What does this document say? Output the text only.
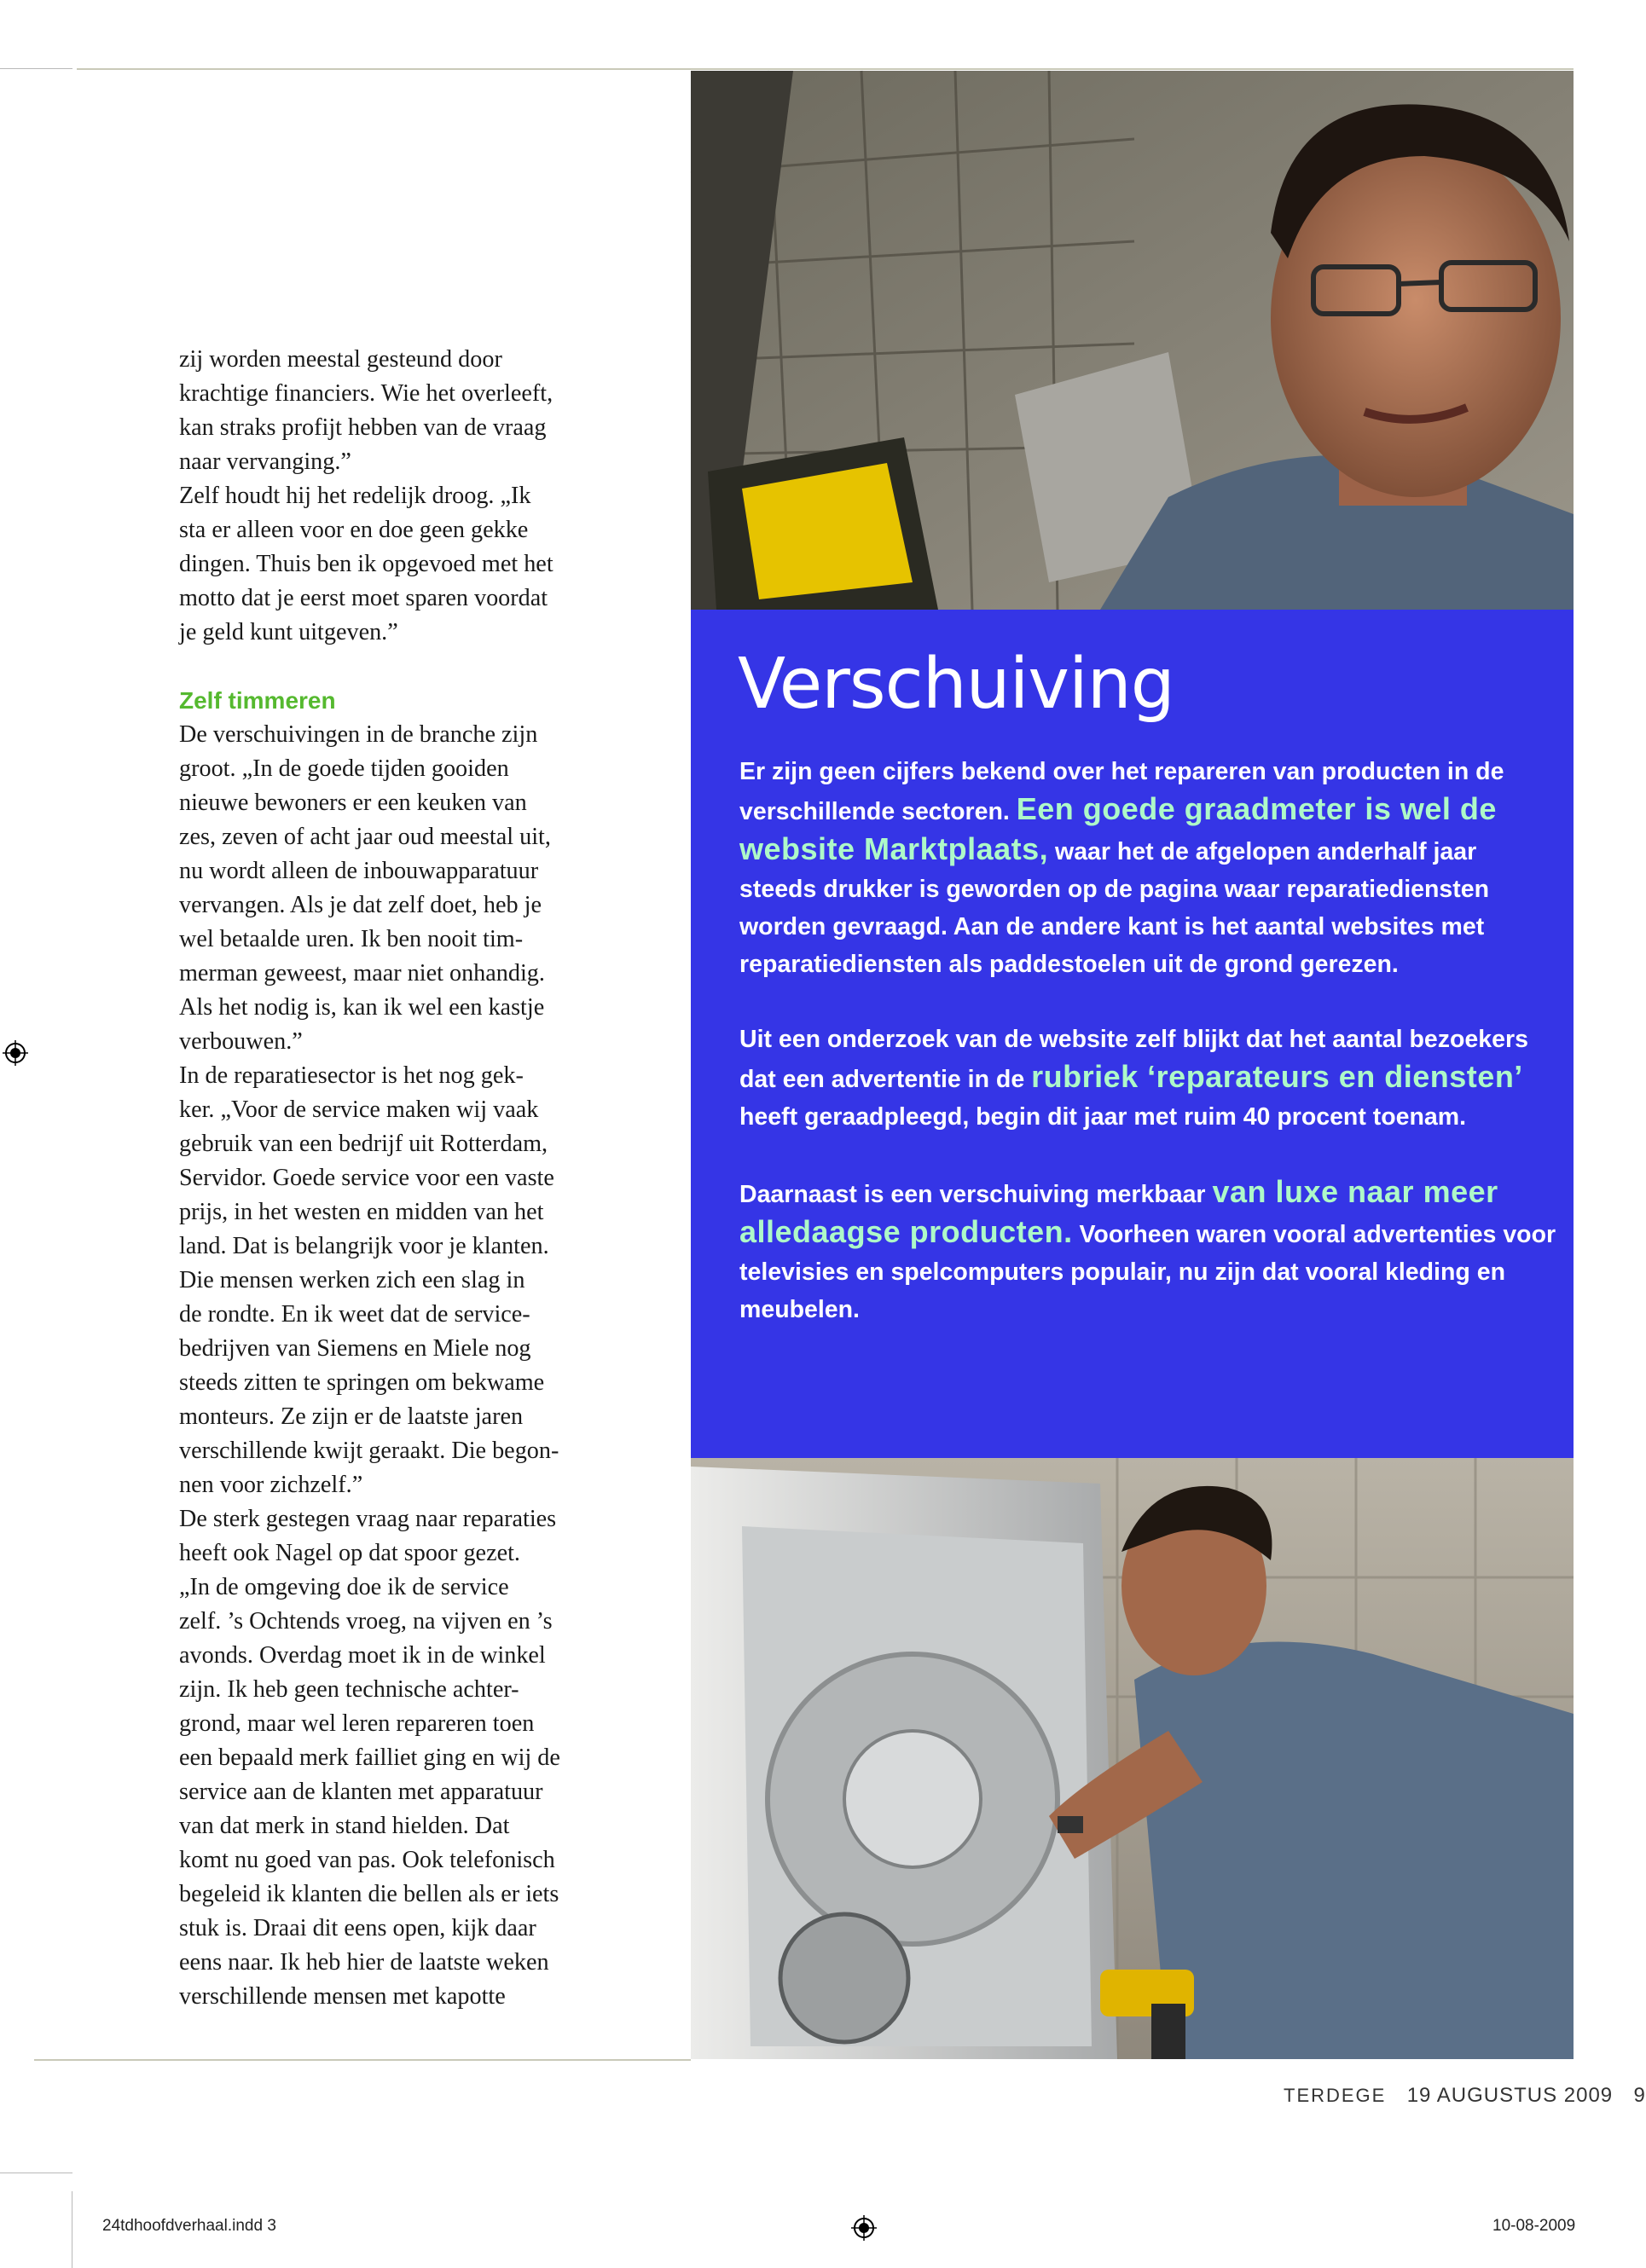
zij worden meestal gesteund door
krachtige financiers. Wie het overleeft,
kan straks profijt hebben van de vraag
naar vervanging.”
Zelf houdt hij het redelijk droog. „Ik
sta er alleen voor en doe geen gekke
dingen. Thuis ben ik opgevoed met het
motto dat je eerst moet sparen voordat
je geld kunt uitgeven.”
Zelf timmeren
De verschuivingen in de branche zijn
groot. „In de goede tijden gooiden
nieuwe bewoners er een keuken van
zes, zeven of acht jaar oud meestal uit,
nu wordt alleen de inbouwapparatuur
vervangen. Als je dat zelf doet, heb je
wel betaalde uren. Ik ben nooit tim-
merman geweest, maar niet onhandig.
Als het nodig is, kan ik wel een kastje
verbouwen.”
In de reparatiesector is het nog gek-
ker. „Voor de service maken wij vaak
gebruik van een bedrijf uit Rotterdam,
Servidor. Goede service voor een vaste
prijs, in het westen en midden van het
land. Dat is belangrijk voor je klanten.
Die mensen werken zich een slag in
de rondte. En ik weet dat de service-
bedrijven van Siemens en Miele nog
steeds zitten te springen om bekwame
monteurs. Ze zijn er de laatste jaren
verschillende kwijt geraakt. Die begon-
nen voor zichzelf.”
De sterk gestegen vraag naar reparaties
heeft ook Nagel op dat spoor gezet.
„In de omgeving doe ik de service
zelf. ’s Ochtends vroeg, na vijven en ’s
avonds. Overdag moet ik in de winkel
zijn. Ik heb geen technische achter-
grond, maar wel leren repareren toen
een bepaald merk failliet ging en wij de
service aan de klanten met apparatuur
van dat merk in stand hielden. Dat
komt nu goed van pas. Ook telefonisch
begeleid ik klanten die bellen als er iets
stuk is. Draai dit eens open, kijk daar
eens naar. Ik heb hier de laatste weken
verschillende mensen met kapotte
Verschuiving

Er zijn geen cijfers bekend over het repareren van producten in de verschillende sectoren. Een goede graadmeter is wel de website Marktplaats, waar het de afgelopen anderhalf jaar steeds drukker is geworden op de pagina waar reparatiediensten worden gevraagd. Aan de andere kant is het aantal websites met reparatiediensten als paddestoelen uit de grond gerezen.

Uit een onderzoek van de website zelf blijkt dat het aantal bezoekers dat een advertentie in de rubriek ‘reparateurs en diensten’ heeft geraadpleegd, begin dit jaar met ruim 40 procent toenam.

Daarnaast is een verschuiving merkbaar van luxe naar meer alledaagse producten. Voorheen waren vooral advertenties voor televisies en spelcomputers populair, nu zijn dat vooral kleding en meubelen.

TERDEGE 19 AUGUSTUS 2009 9
24tdhoofdverhaal.indd 3	10-08-2009
